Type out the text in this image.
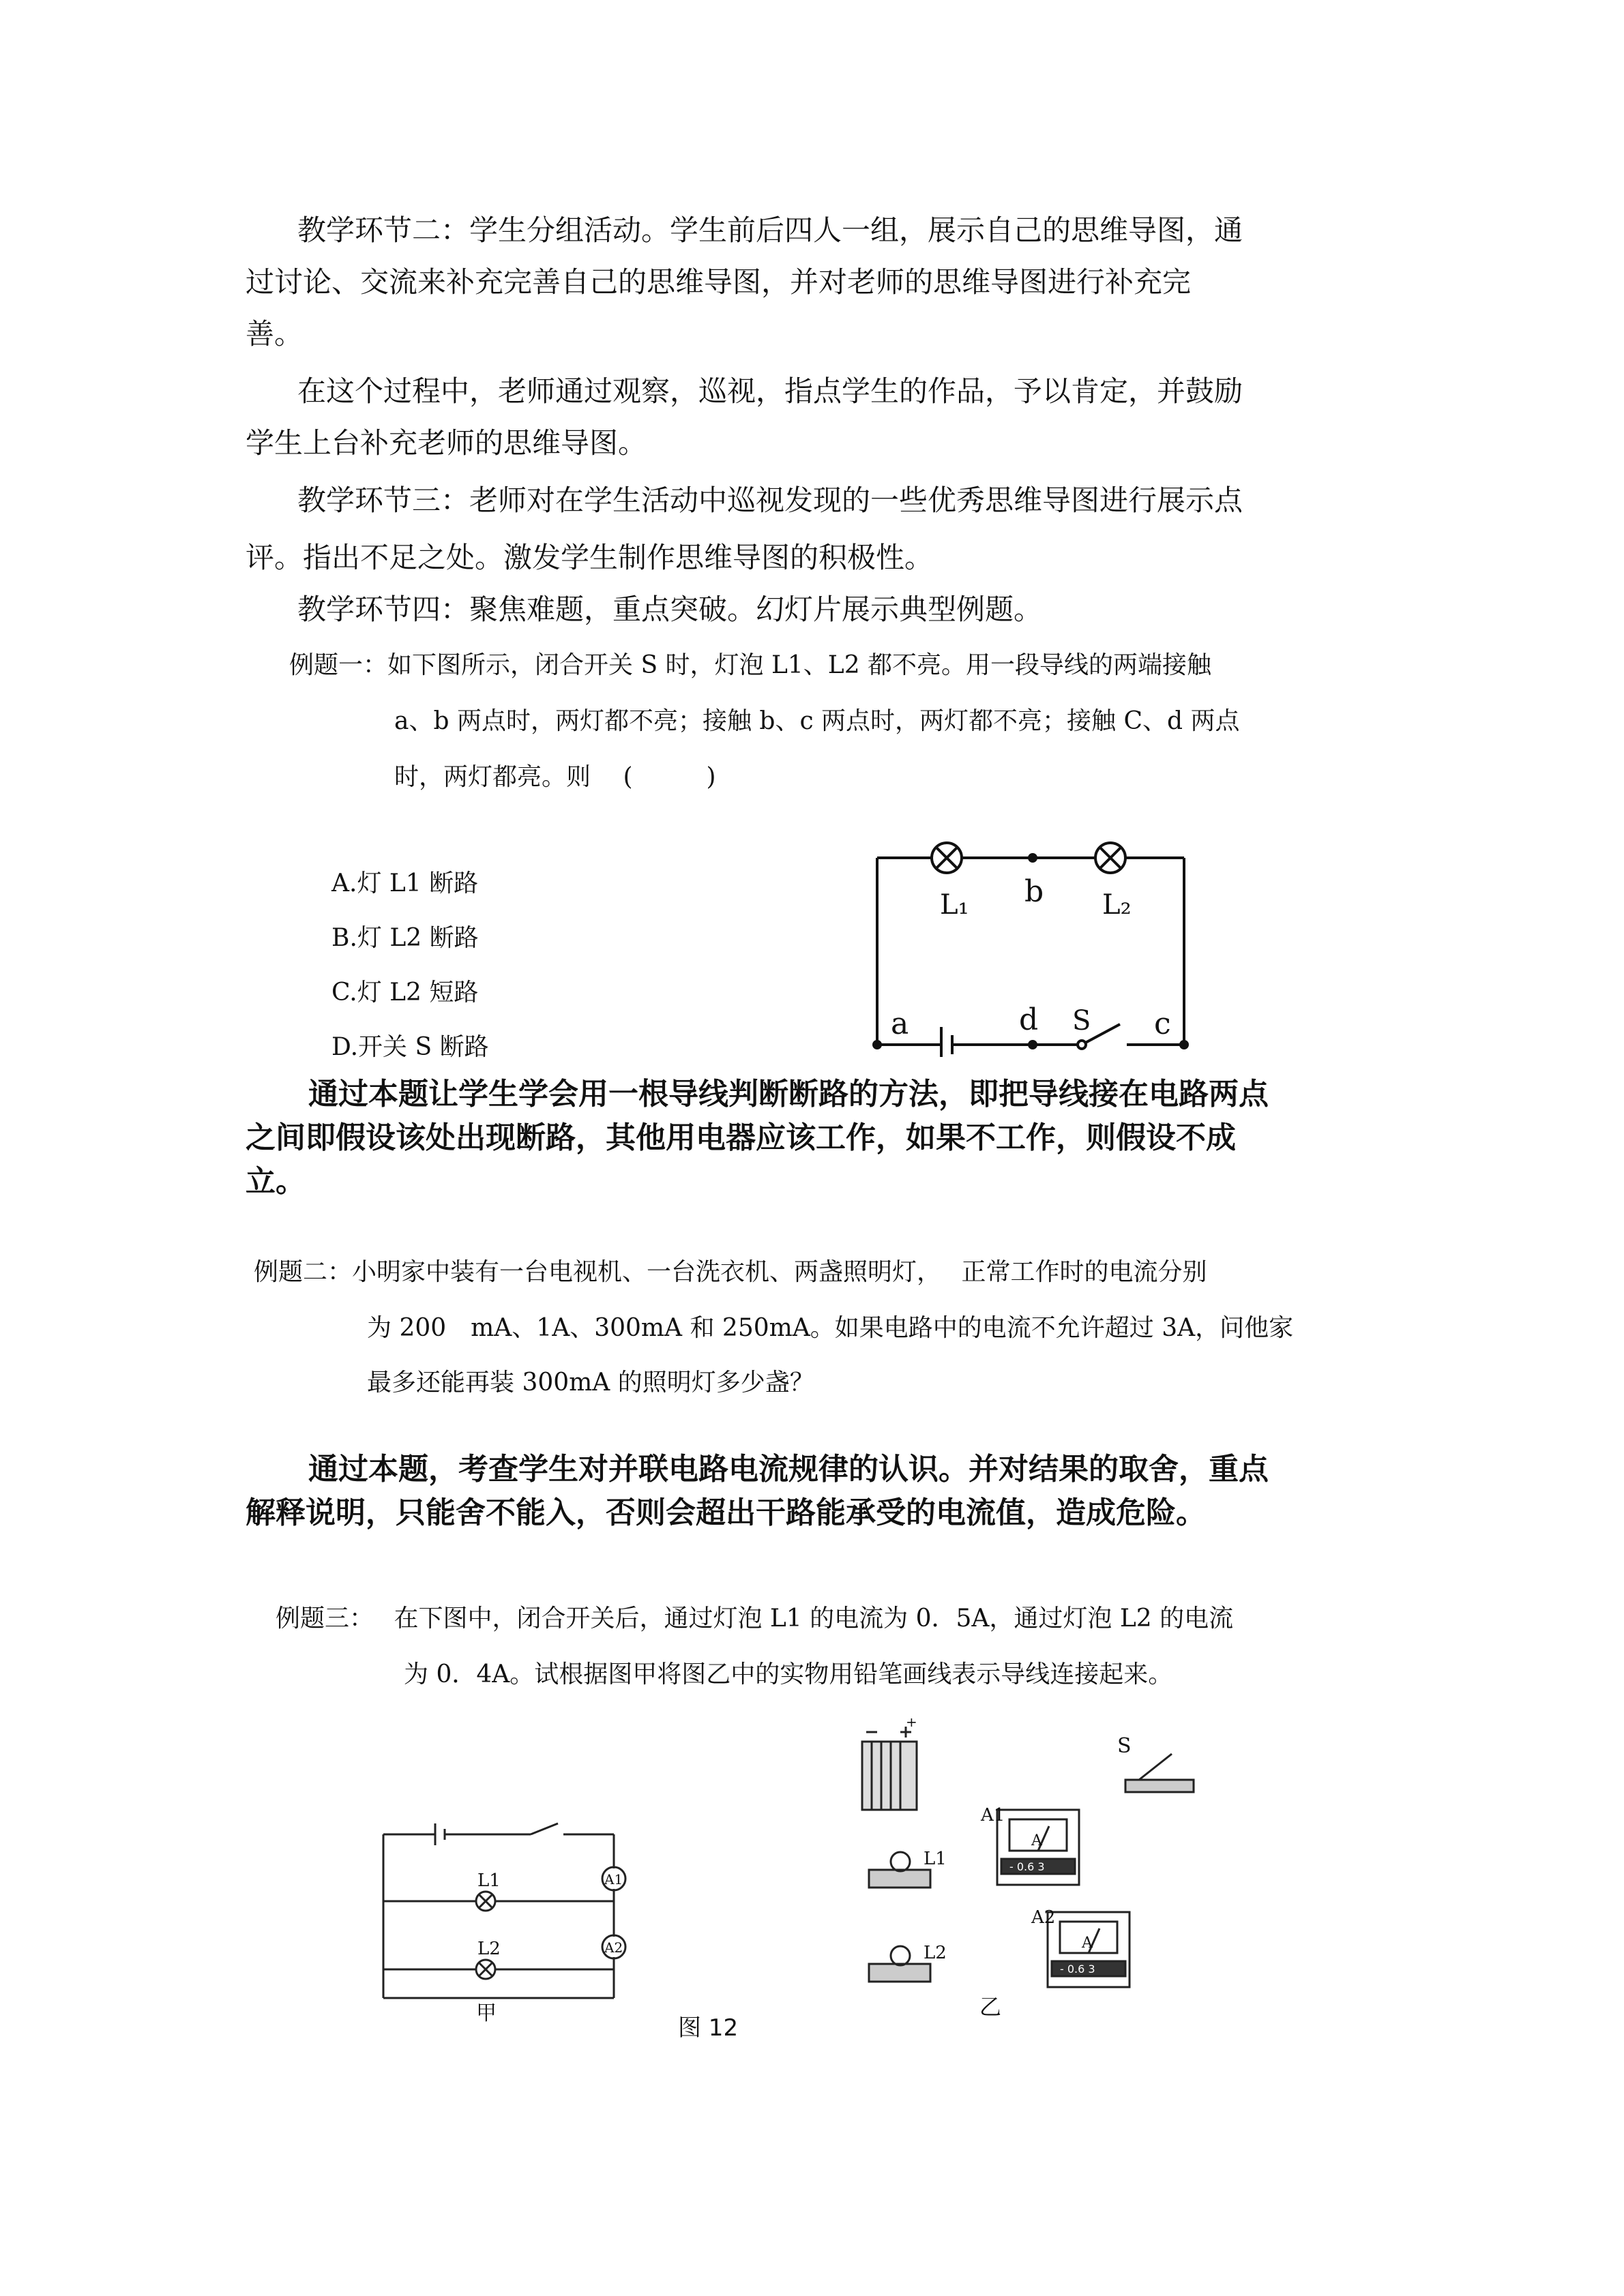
教学环节二：学生分组活动。学生前后四人一组，展示自己的思维导图，通
过讨论、交流来补充完善自己的思维导图，并对老师的思维导图进行补充完
善。
在这个过程中，老师通过观察，巡视，指点学生的作品，予以肯定，并鼓励
学生上台补充老师的思维导图。
教学环节三：老师对在学生活动中巡视发现的一些优秀思维导图进行展示点
评。指出不足之处。激发学生制作思维导图的积极性。
教学环节四：聚焦难题，重点突破。幻灯片展示典型例题。
例题一：如下图所示，闭合开关 S 时，灯泡 L1、L2 都不亮。用一段导线的两端接触
a、b 两点时，两灯都不亮；接触 b、c 两点时，两灯都不亮；接触 C、d 两点
时，两灯都亮。则　 (　　　)
A.灯 L1 断路
B.灯 L2 断路
C.灯 L2 短路
D.开关 S 断路
L₁ b L₂
a	d S c
通过本题让学生学会用一根导线判断断路的方法，即把导线接在电路两点
之间即假设该处出现断路，其他用电器应该工作，如果不工作，则假设不成
立。
例题二：小明家中装有一台电视机、一台洗衣机、两盏照明灯，　 正常工作时的电流分别
为 200　mA、1A、300mA 和 250mA。如果电路中的电流不允许超过 3A，问他家
最多还能再装 300mA 的照明灯多少盏？
通过本题，考查学生对并联电路电流规律的认识。并对结果的取舍，重点
解释说明，只能舍不能入，否则会超出干路能承受的电流值，造成危险。
例题三：　 在下图中，闭合开关后，通过灯泡 L1 的电流为 0．5A，通过灯泡 L2 的电流
为 0．4A。试根据图甲将图乙中的实物用铅笔画线表示导线连接起来。
L1
L2
A1
A2
甲
+
S
L1
L2
A1
A2
A
A
- 0.6 3
- 0.6 3
乙
图 12
